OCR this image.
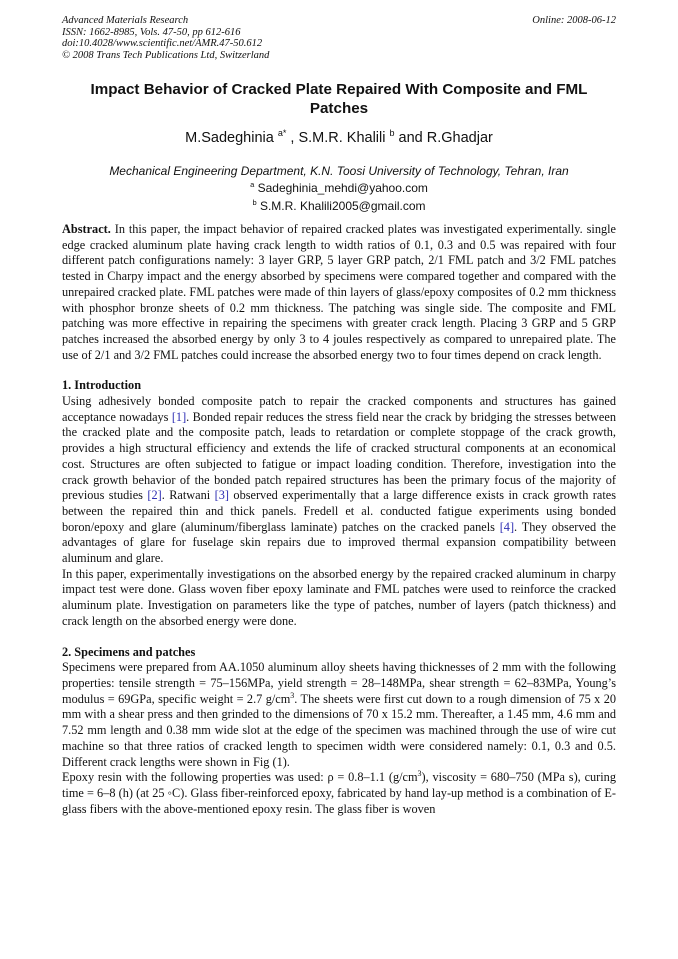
Advanced Materials Research
ISSN: 1662-8985, Vols. 47-50, pp 612-616
doi:10.4028/www.scientific.net/AMR.47-50.612
© 2008 Trans Tech Publications Ltd, Switzerland
Online: 2008-06-12
Impact Behavior of Cracked Plate Repaired With Composite and FML Patches
M.Sadeghinia $^{a*}$ , S.M.R. Khalili $^b$ and R.Ghadjar
Mechanical Engineering Department, K.N. Toosi University of Technology, Tehran, Iran
$^a$ Sadeghinia_mehdi@yahoo.com
$^b$ S.M.R. Khalili2005@gmail.com

Abstract. In this paper, the impact behavior of repaired cracked plates was investigated experimentally. single edge cracked aluminum plate having crack length to width ratios of 0.1, 0.3 and 0.5 was repaired with four different patch configurations namely: 3 layer GRP, 5 layer GRP patch, 2/1 FML patch and 3/2 FML patches tested in Charpy impact and the energy absorbed by specimens were compared together and compared with the unrepaired cracked plate. FML patches were made of thin layers of glass/epoxy composites of 0.2 mm thickness with phosphor bronze sheets of 0.2 mm thickness. The patching was single side. The composite and FML patching was more effective in repairing the specimens with greater crack length. Placing 3 GRP and 5 GRP patches increased the absorbed energy by only 3 to 4 joules respectively as compared to unrepaired plate. The use of 2/1 and 3/2 FML patches could increase the absorbed energy two to four times depend on crack length.

1. Introduction

Using adhesively bonded composite patch to repair the cracked components and structures has gained acceptance nowadays [1]. Bonded repair reduces the stress field near the crack by bridging the stresses between the cracked plate and the composite patch, leads to retardation or complete stoppage of the crack growth, provides a high structural efficiency and extends the life of cracked structural components at an economical cost. Structures are often subjected to fatigue or impact loading condition. Therefore, investigation into the crack growth behavior of the bonded patch repaired structures has been the primary focus of the majority of previous studies [2]. Ratwani [3] observed experimentally that a large difference exists in crack growth rates between the repaired thin and thick panels. Fredell et al. conducted fatigue experiments using bonded boron/epoxy and glare (aluminum/fiberglass laminate) patches on the cracked panels [4]. They observed the advantages of glare for fuselage skin repairs due to improved thermal expansion compatibility between aluminum and glare.

In this paper, experimentally investigations on the absorbed energy by the repaired cracked aluminum in charpy impact test were done. Glass woven fiber epoxy laminate and FML patches were used to reinforce the cracked aluminum plate. Investigation on parameters like the type of patches, number of layers (patch thickness) and crack length on the absorbed energy were done.

2. Specimens and patches

Specimens were prepared from AA.1050 aluminum alloy sheets having thicknesses of 2 mm with the following properties: tensile strength = 75–156MPa, yield strength = 28–148MPa, shear strength = 62–83MPa, Young’s modulus = 69GPa, specific weight = 2.7 $g/cm^3$. The sheets were first cut down to a rough dimension of 75 x 20 mm with a shear press and then grinded to the dimensions of 70 x 15.2 mm. Thereafter, a 1.45 mm, 4.6 mm and 7.52 mm length and 0.38 mm wide slot at the edge of the specimen was machined through the use of wire cut machine so that three ratios of cracked length to specimen width were considered namely: 0.1, 0.3 and 0.5. Different crack lengths were shown in Fig (1).

Epoxy resin with the following properties was used: ρ = 0.8–1.1 $(g/cm^3)$, viscosity = 680–750 (MPa s), curing time = 6–8 (h) (at 25 ◦C). Glass fiber-reinforced epoxy, fabricated by hand lay-up method is a combination of E-glass fibers with the above-mentioned epoxy resin. The glass fiber is woven
